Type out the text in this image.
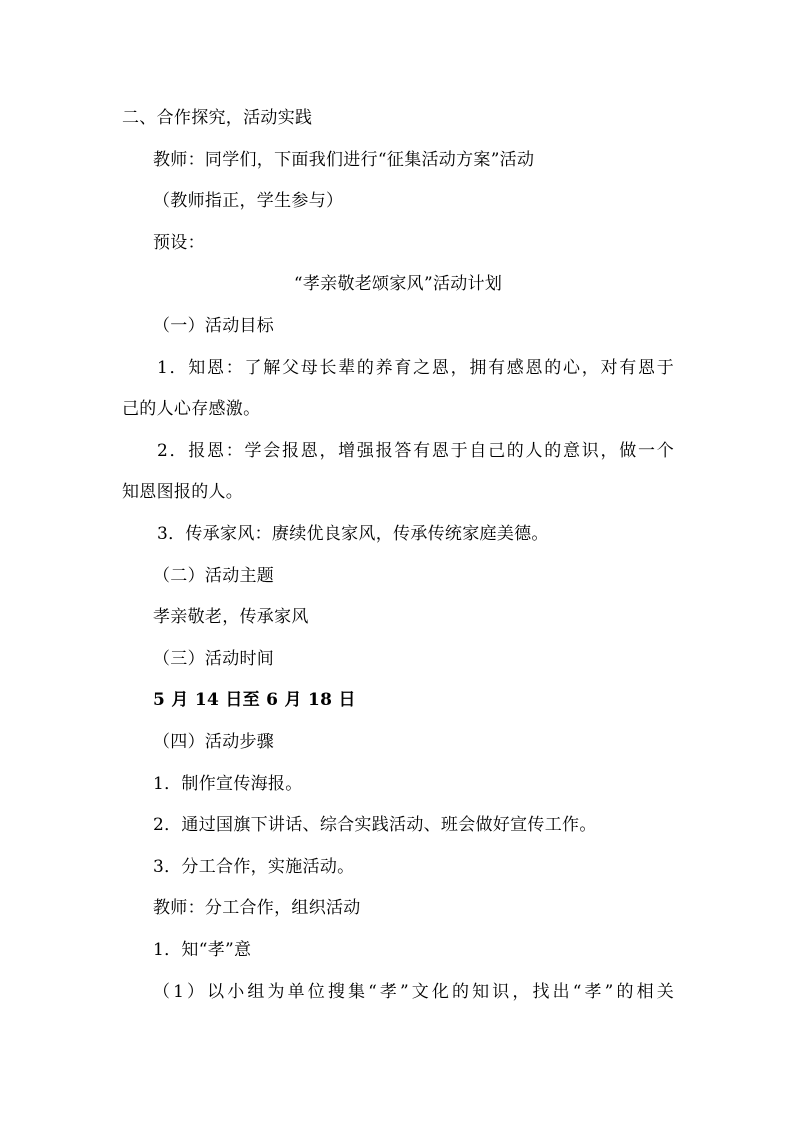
二、合作探究，活动实践
教师：同学们，下面我们进行“征集活动方案”活动
（教师指正，学生参与）
预设：
“孝亲敬老颂家风”活动计划
（一）活动目标
1．知恩：了解父母长辈的养育之恩，拥有感恩的心，对有恩于
己的人心存感激。
2．报恩：学会报恩，增强报答有恩于自己的人的意识，做一个
知恩图报的人。
3．传承家风：赓续优良家风，传承传统家庭美德。
（二）活动主题
孝亲敬老，传承家风
（三）活动时间
5 月 14 日至 6 月 18 日
（四）活动步骤
1．制作宣传海报。
2．通过国旗下讲话、综合实践活动、班会做好宣传工作。
3．分工合作，实施活动。
教师：分工合作，组织活动
1．知“孝”意
（1）以小组为单位搜集“孝”文化的知识，找出“孝”的相关
